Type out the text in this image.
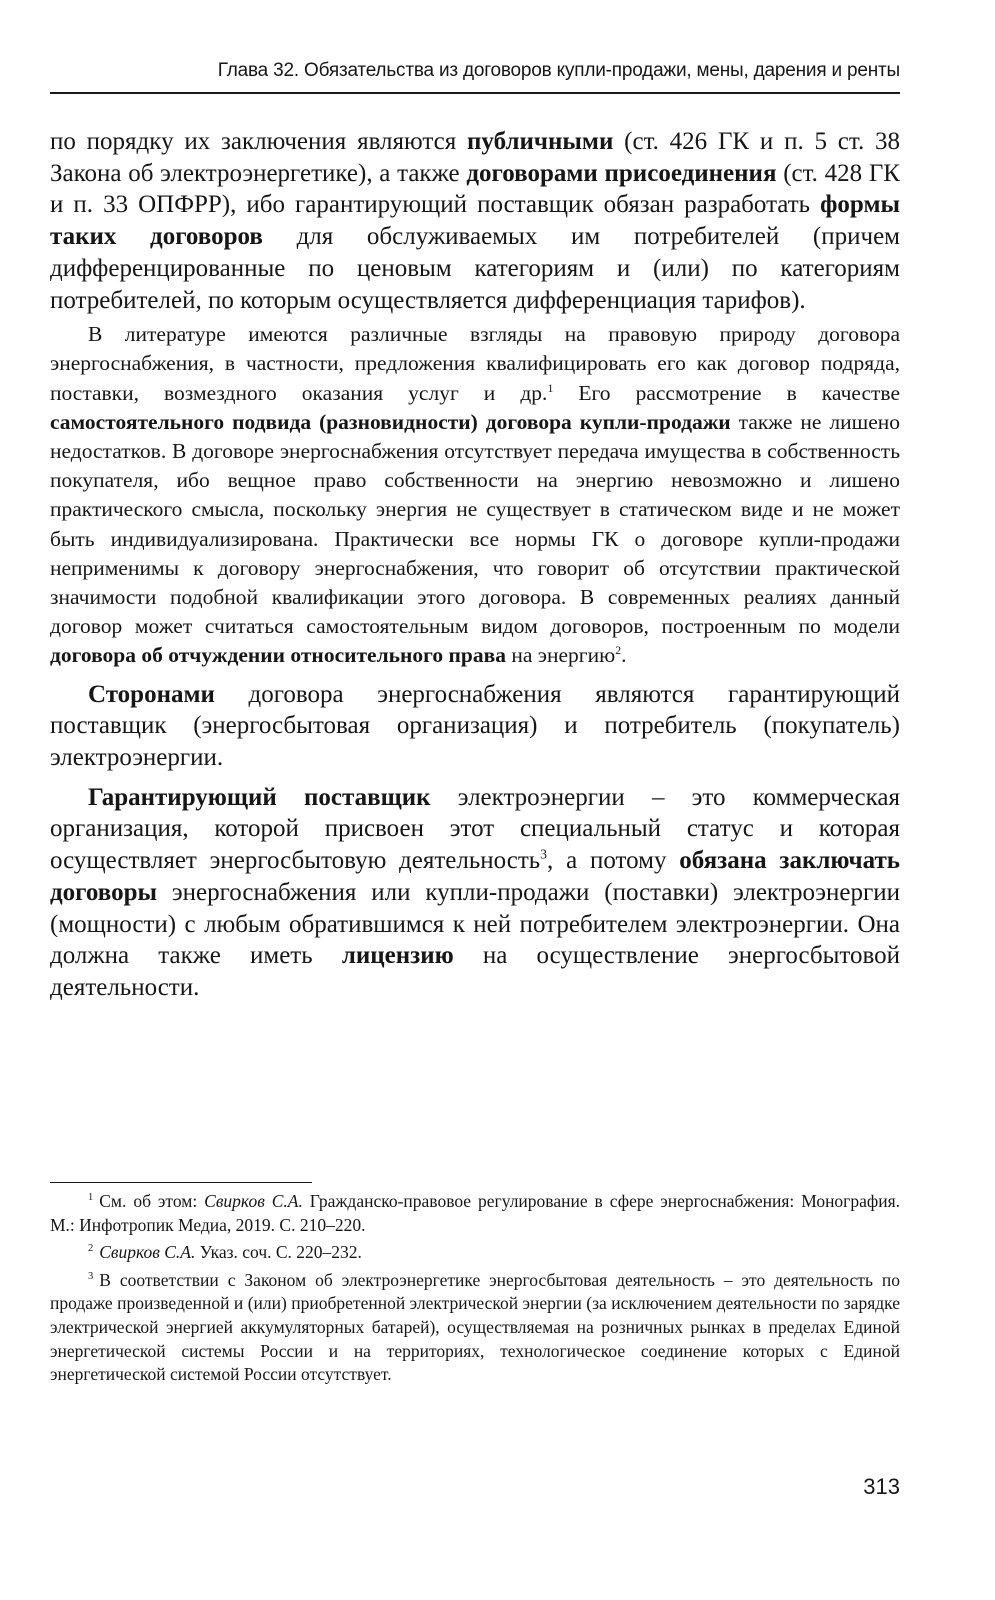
Глава 32. Обязательства из договоров купли-продажи, мены, дарения и ренты

по порядку их заключения являются публичными (ст. 426 ГК и п. 5 ст. 38 Закона об электроэнергетике), а также договорами присоединения (ст. 428 ГК и п. 33 ОПФРР), ибо гарантирующий поставщик обязан разработать формы таких договоров для обслуживаемых им потребителей (причем дифференцированные по ценовым категориям и (или) по категориям потребителей, по которым осуществляется дифференциация тарифов).

В литературе имеются различные взгляды на правовую природу договора энергоснабжения, в частности, предложения квалифицировать его как договор подряда, поставки, возмездного оказания услуг и др.$^1$ Его рассмотрение в качестве самостоятельного подвида (разновидности) договора купли-продажи также не лишено недостатков. В договоре энергоснабжения отсутствует передача имущества в собственность покупателя, ибо вещное право собственности на энергию невозможно и лишено практического смысла, поскольку энергия не существует в статическом виде и не может быть индивидуализирована. Практически все нормы ГК о договоре купли-продажи неприменимы к договору энергоснабжения, что говорит об отсутствии практической значимости подобной квалификации этого договора. В современных реалиях данный договор может считаться самостоятельным видом договоров, построенным по модели договора об отчуждении относительного права на энергию$^2$.

Сторонами договора энергоснабжения являются гарантирующий поставщик (энергосбытовая организация) и потребитель (покупатель) электроэнергии.

Гарантирующий поставщик электроэнергии – это коммерческая организация, которой присвоен этот специальный статус и которая осуществляет энергосбытовую деятельность$^3$, а потому обязана заключать договоры энергоснабжения или купли-продажи (поставки) электроэнергии (мощности) с любым обратившимся к ней потребителем электроэнергии. Она должна также иметь лицензию на осуществление энергосбытовой деятельности.

$^1$ См. об этом: Свирков С.А. Гражданско-правовое регулирование в сфере энергоснабжения: Монография. М.: Инфотропик Медиа, 2019. С. 210–220.

$^2$ Свирков С.А. Указ. соч. С. 220–232.

$^3$ В соответствии с Законом об электроэнергетике энергосбытовая деятельность – это деятельность по продаже произведенной и (или) приобретенной электрической энергии (за исключением деятельности по зарядке электрической энергией аккумуляторных батарей), осуществляемая на розничных рынках в пределах Единой энергетической системы России и на территориях, технологическое соединение которых с Единой энергетической системой России отсутствует.

313
